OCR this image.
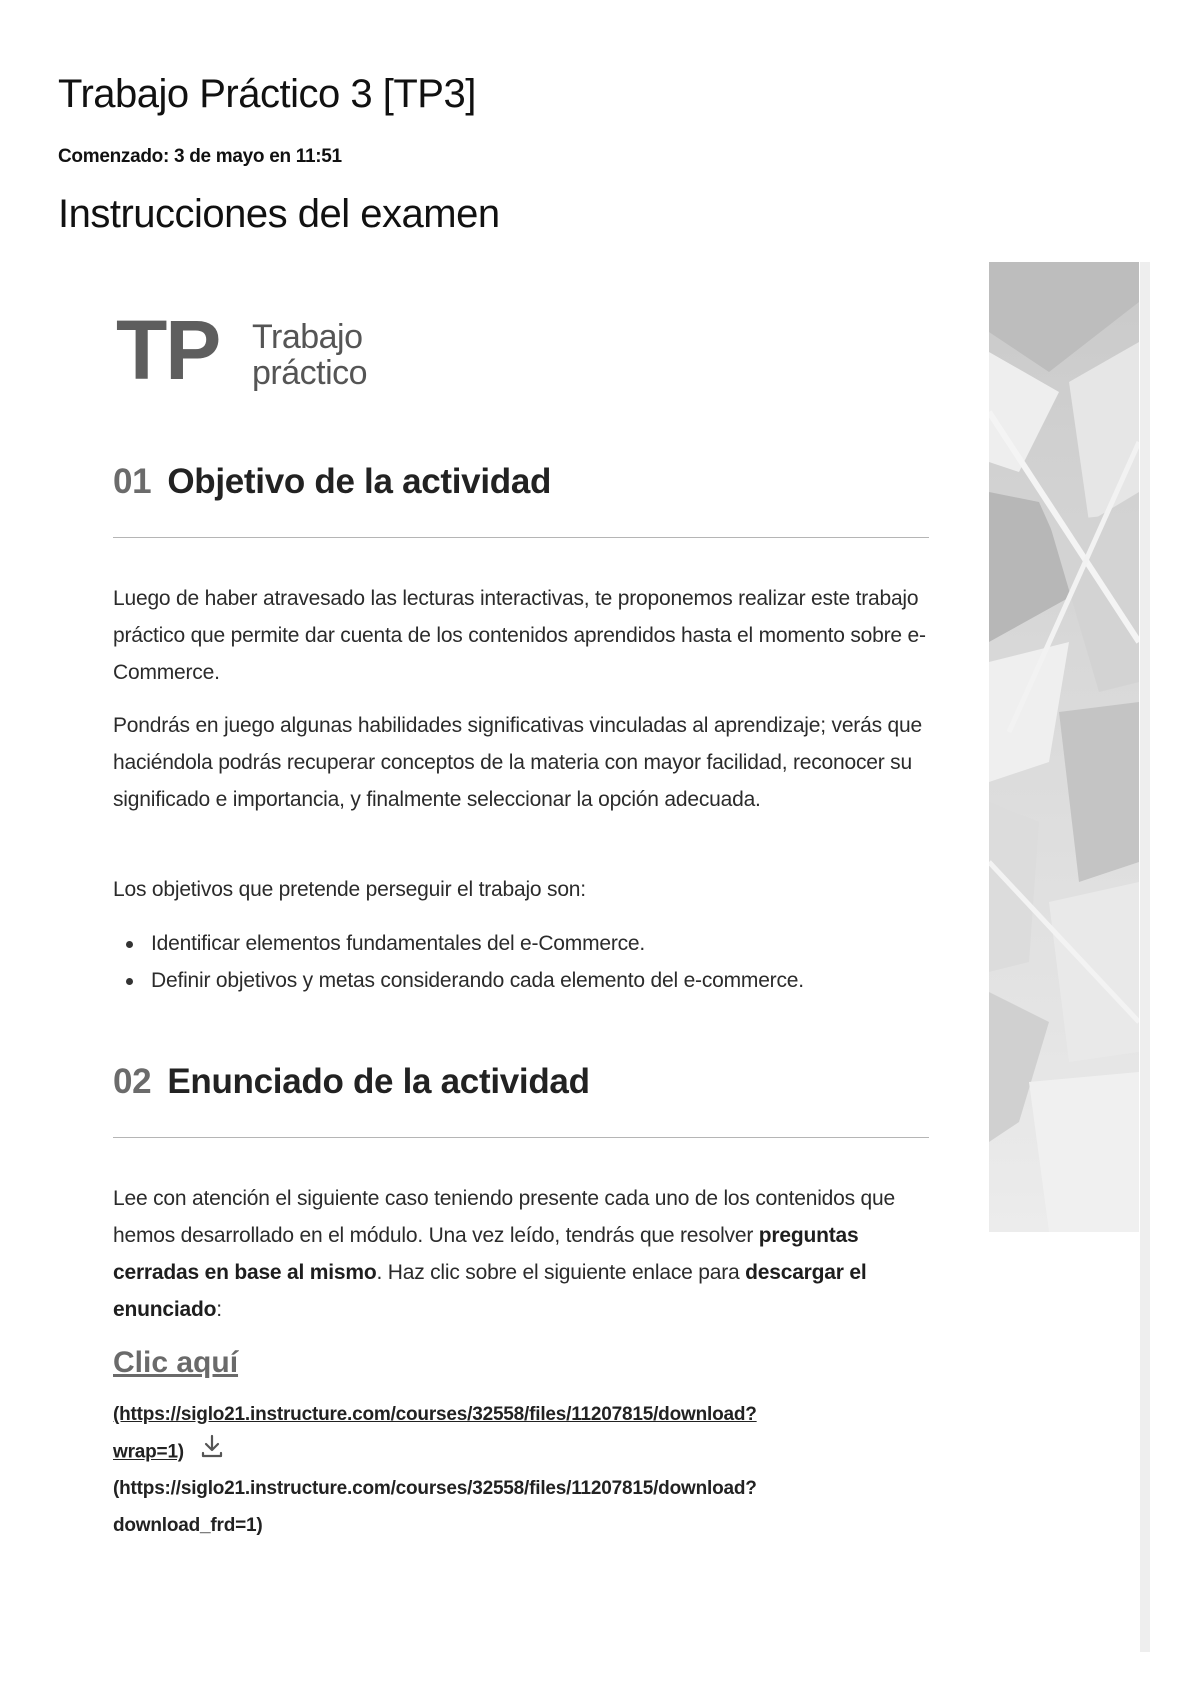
Trabajo Práctico 3 [TP3]
Comenzado: 3 de mayo en 11:51
Instrucciones del examen
TP Trabajo
práctico
01 Objetivo de la actividad

Luego de haber atravesado las lecturas interactivas, te proponemos realizar este trabajo práctico que permite dar cuenta de los contenidos aprendidos hasta el momento sobre e-Commerce.

Pondrás en juego algunas habilidades significativas vinculadas al aprendizaje; verás que haciéndola podrás recuperar conceptos de la materia con mayor facilidad, reconocer su significado e importancia, y finalmente seleccionar la opción adecuada.

Los objetivos que pretende perseguir el trabajo son:

Identificar elementos fundamentales del e-Commerce.
Definir objetivos y metas considerando cada elemento del e-commerce.
02 Enunciado de la actividad

Lee con atención el siguiente caso teniendo presente cada uno de los contenidos que hemos desarrollado en el módulo. Una vez leído, tendrás que resolver preguntas cerradas en base al mismo. Haz clic sobre el siguiente enlace para descargar el enunciado:

Clic aquí
(https://siglo21.instructure.com/courses/32558/files/11207815/download?
wrap=1)
(https://siglo21.instructure.com/courses/32558/files/11207815/download?
download_frd=1)
